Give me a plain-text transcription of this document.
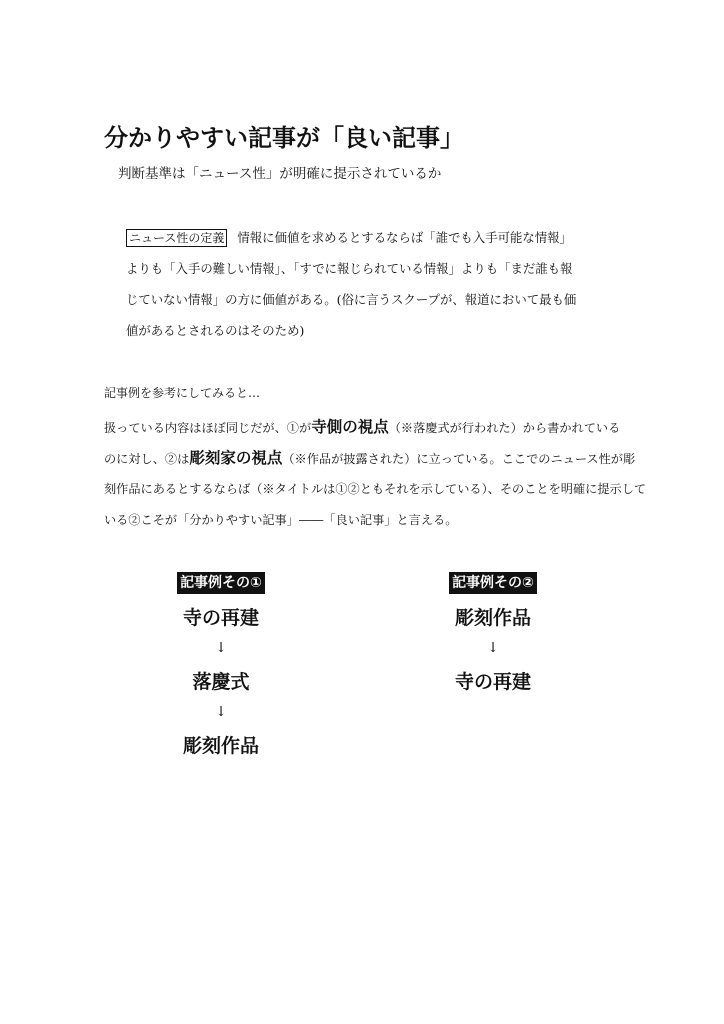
分かりやすい記事が「良い記事」
判断基準は「ニュース性」が明確に提示されているか
ニュース性の定義 情報に価値を求めるとするならば「誰でも入手可能な情報」
よりも「入手の難しい情報」、「すでに報じられている情報」よりも「まだ誰も報
じていない情報」の方に価値がある。(俗に言うスクープが、報道において最も価
値があるとされるのはそのため)
記事例を参考にしてみると…
扱っている内容はほぼ同じだが、①が寺側の視点（※落慶式が行われた）から書かれている
のに対し、②は彫刻家の視点（※作品が披露された）に立っている。ここでのニュース性が彫
刻作品にあるとするならば（※タイトルは①②ともそれを示している）、そのことを明確に提示して
いる②こそが「分かりやすい記事」――「良い記事」と言える。
記事例その①
寺の再建
↓
落慶式
↓
彫刻作品
記事例その②
彫刻作品
↓
寺の再建
